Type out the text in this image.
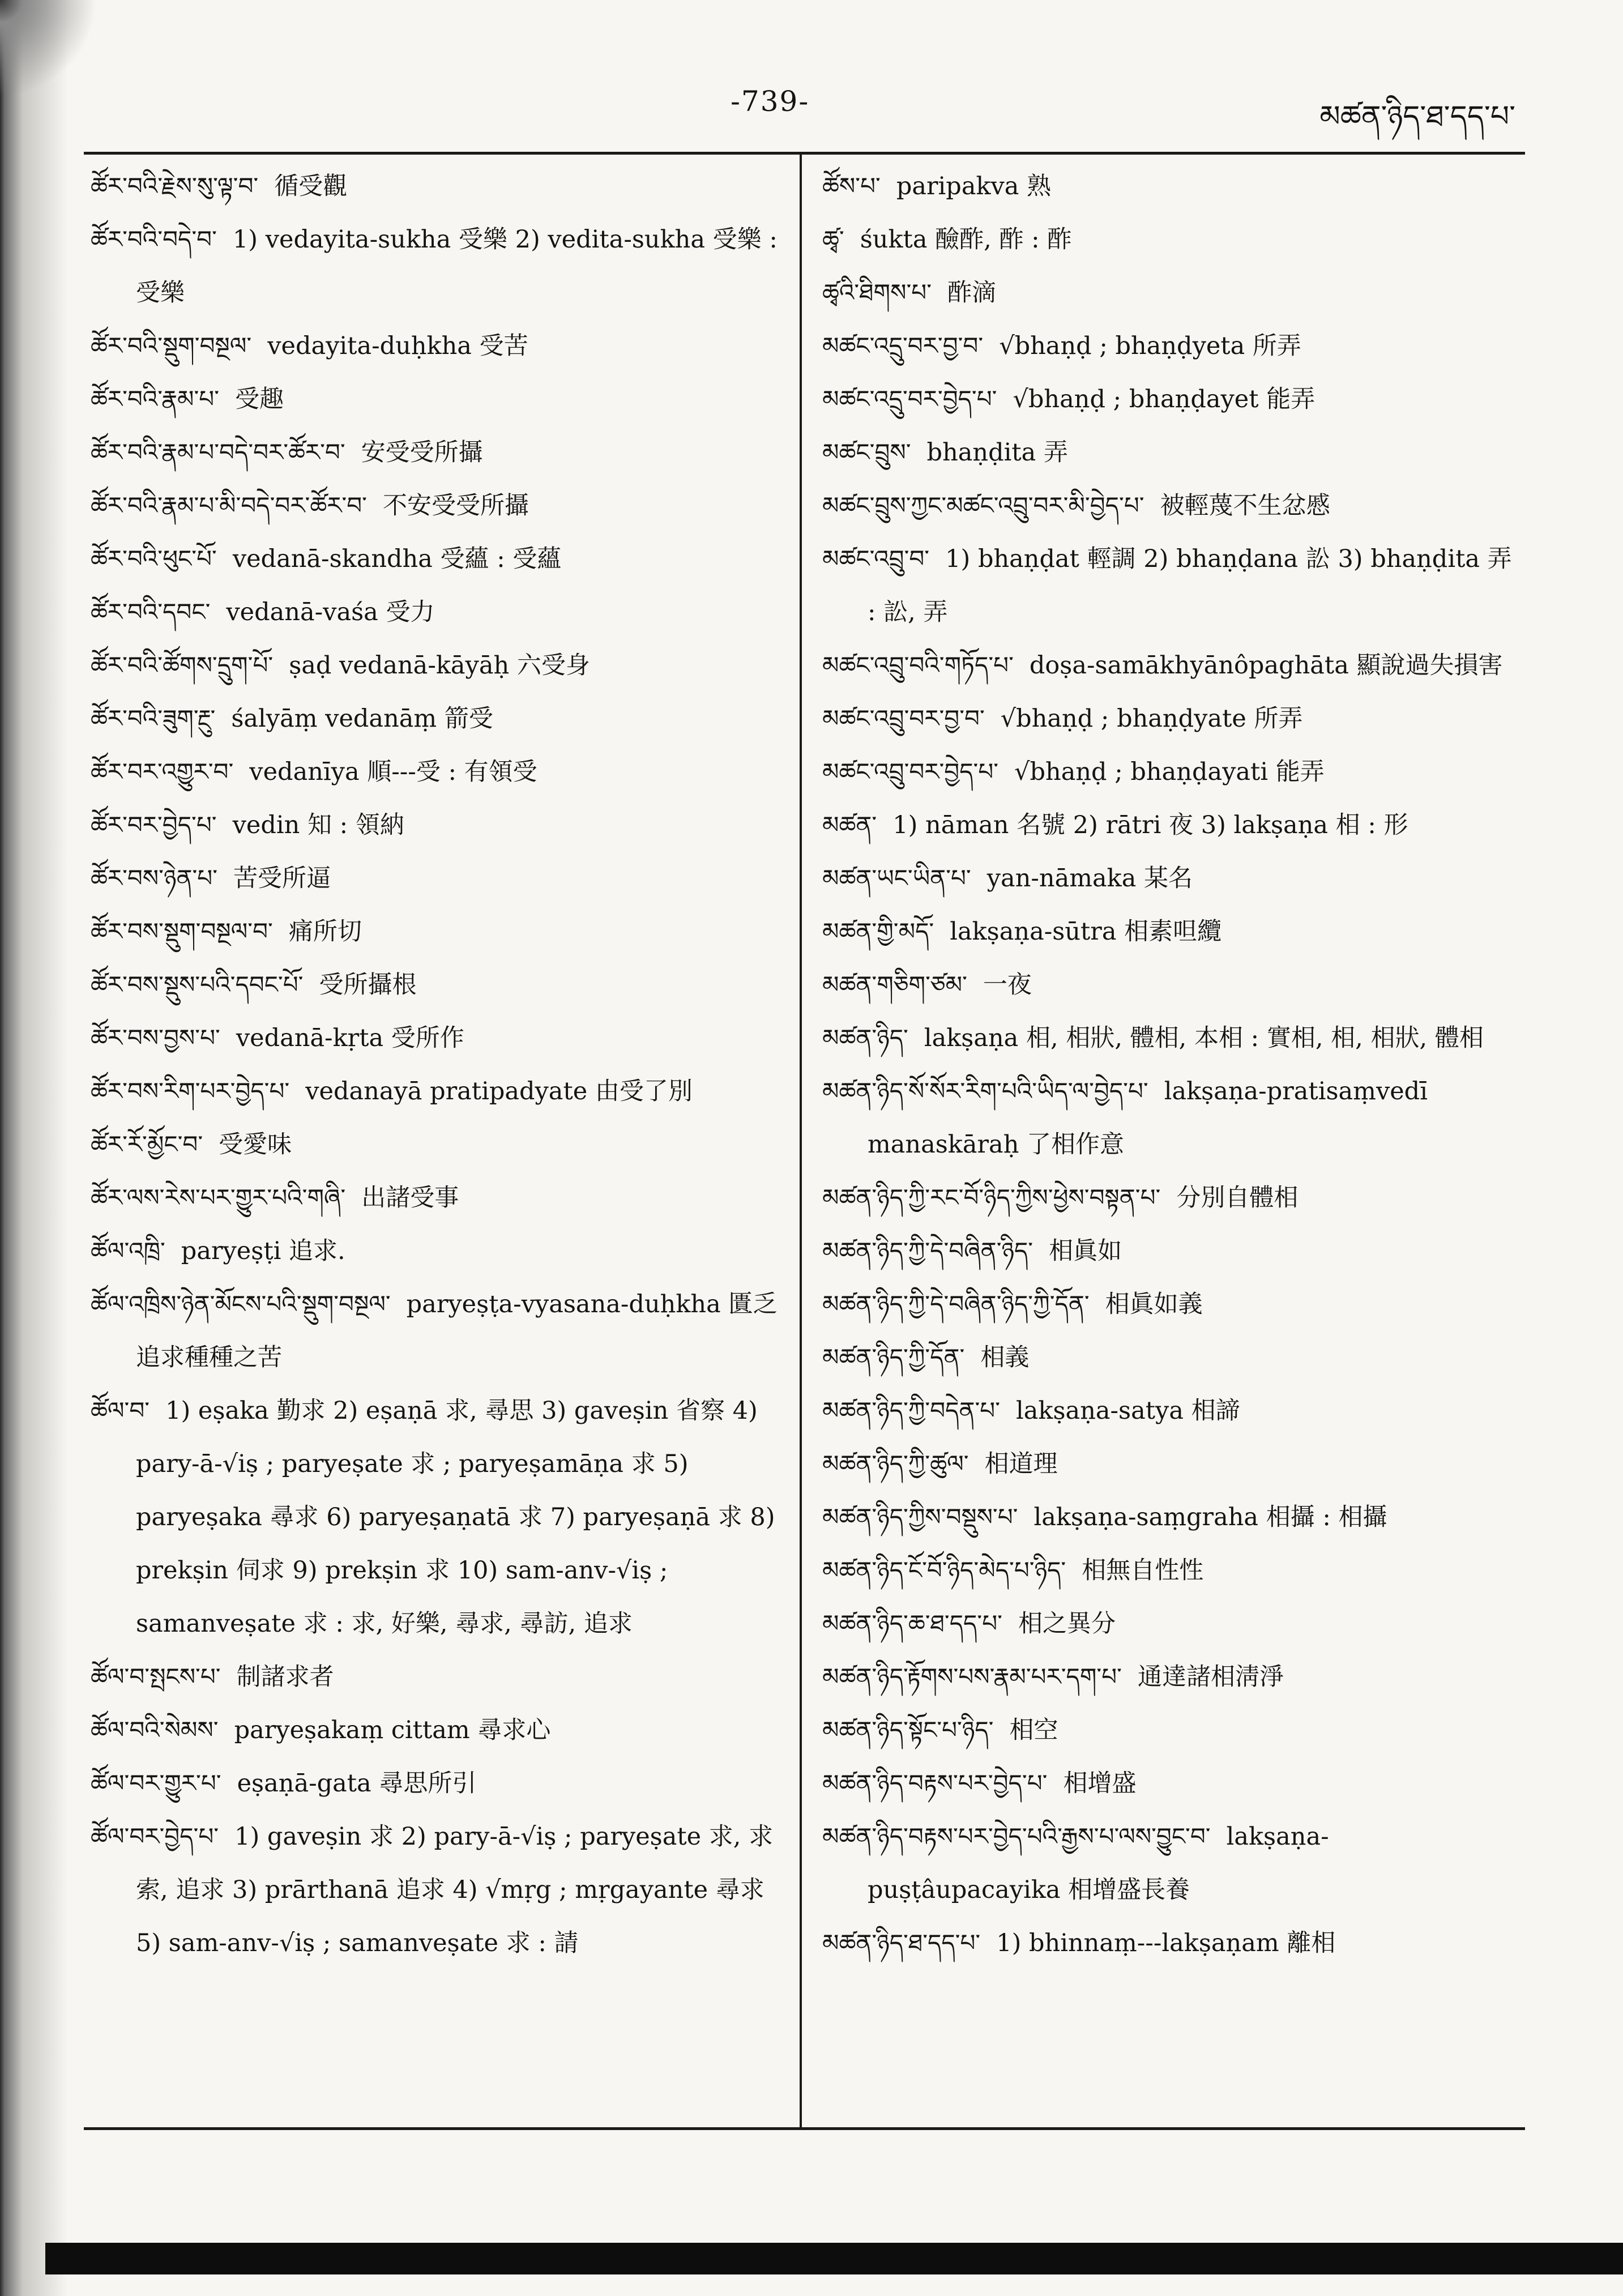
-739-	མཚན་ཉིད་ཐ་དད་པ་
ཚོར་བའི་རྗེས་སུ་ལྟ་བ་ 循受觀
ཚོར་བའི་བདེ་བ་ 1) vedayita-sukha 受樂 2) vedita-sukha 受樂 : 受樂
ཚོར་བའི་སྡུག་བསྔལ་ vedayita-duḥkha 受苦
ཚོར་བའི་རྣམ་པ་ 受趣
ཚོར་བའི་རྣམ་པ་བདེ་བར་ཚོར་བ་ 安受受所攝
ཚོར་བའི་རྣམ་པ་མི་བདེ་བར་ཚོར་བ་ 不安受受所攝
ཚོར་བའི་ཕུང་པོ་ vedanā-skandha 受蘊 : 受蘊
ཚོར་བའི་དབང་ vedanā-vaśa 受力
ཚོར་བའི་ཚོགས་དྲུག་པོ་ ṣaḍ vedanā-kāyāḥ 六受身
ཚོར་བའི་ཟུག་རྔུ་ śalyāṃ vedanāṃ 箭受
ཚོར་བར་འགྱུར་བ་ vedanīya 順---受 : 有領受
ཚོར་བར་བྱེད་པ་ vedin 知 : 領納
ཚོར་བས་ཉེན་པ་ 苦受所逼
ཚོར་བས་སྡུག་བསྔལ་བ་ 痛所切
ཚོར་བས་སྡུས་པའི་དབང་པོ་ 受所攝根
ཚོར་བས་བྱས་པ་ vedanā-kṛta 受所作
ཚོར་བས་རིག་པར་བྱེད་པ་ vedanayā pratipadyate 由受了別
ཚོར་རོ་མྱོང་བ་ 受愛味
ཚོར་ལས་རེས་པར་གྱུར་པའི་གཞི་ 出諸受事
ཚོལ་འཁྲི་ paryeṣṭi 追求.
ཚོལ་འཁྲིས་ཉེན་མོངས་པའི་སྡུག་བསྔལ་ paryeṣṭa-vyasana-duḥkha 匱乏追求種種之苦
ཚོལ་བ་ 1) eṣaka 勤求 2) eṣaṇā 求, 尋思 3) gaveṣin 省察 4) pary-ā-√iṣ ; paryeṣate 求 ; paryeṣamāṇa 求 5) paryeṣaka 尋求 6) paryeṣaṇatā 求 7) paryeṣaṇā 求 8) prekṣin 伺求 9) prekṣin 求 10) sam-anv-√iṣ ; samanveṣate 求 : 求, 好樂, 尋求, 尋訪, 追求
ཚོལ་བ་སྤངས་པ་ 制諸求者
ཚོལ་བའི་སེམས་ paryeṣakaṃ cittam 尋求心
ཚོལ་བར་གྱུར་པ་ eṣaṇā-gata 尋思所引
ཚོལ་བར་བྱེད་པ་ 1) gaveṣin 求 2) pary-ā-√iṣ ; paryeṣate 求, 求索, 追求 3) prārthanā 追求 4) √mṛg ; mṛgayante 尋求 5) sam-anv-√iṣ ; samanveṣate 求 : 請
ཚོས་པ་ paripakva 熟
ཚྭ་ śukta 醶酢, 酢 : 酢
ཚྭའི་ཐིགས་པ་ 酢滴
མཚང་འདྲུ་བར་བྱ་བ་ √bhaṇḍ ; bhaṇḍyeta 所弄
མཚང་འདྲུ་བར་བྱེད་པ་ √bhaṇḍ ; bhaṇḍayet 能弄
མཚང་བྲུས་ bhaṇḍita 弄
མཚང་བྲུས་ཀྱང་མཚང་འབྲུ་བར་མི་བྱེད་པ་ 被輕蔑不生忿慼
མཚང་འབྲུ་བ་ 1) bhaṇḍat 輕調 2) bhaṇḍana 訟 3) bhaṇḍita 弄 : 訟, 弄
མཚང་འབྲུ་བའི་གཏོད་པ་ doṣa-samākhyānôpaghāta 顯說過失損害
མཚང་འབྲུ་བར་བྱ་བ་ √bhaṇḍ ; bhaṇḍyate 所弄
མཚང་འབྲུ་བར་བྱེད་པ་ √bhaṇḍ ; bhaṇḍayati 能弄
མཚན་ 1) nāman 名號 2) rātri 夜 3) lakṣaṇa 相 : 形
མཚན་ཡང་ཡིན་པ་ yan-nāmaka 某名
མཚན་གྱི་མདོ་ lakṣaṇa-sūtra 相素呾纜
མཚན་གཅིག་ཙམ་ 一夜
མཚན་ཉིད་ lakṣaṇa 相, 相狀, 體相, 本相 : 實相, 相, 相狀, 體相
མཚན་ཉིད་སོ་སོར་རིག་པའི་ཡིད་ལ་བྱེད་པ་ lakṣaṇa-pratisaṃvedī manaskāraḥ 了相作意
མཚན་ཉིད་ཀྱི་རང་བོ་ཉིད་ཀྱིས་ཕྱེས་བསྟན་པ་ 分別自體相
མཚན་ཉིད་ཀྱི་དེ་བཞིན་ཉིད་ 相眞如
མཚན་ཉིད་ཀྱི་དེ་བཞིན་ཉིད་ཀྱི་དོན་ 相眞如義
མཚན་ཉིད་ཀྱི་དོན་ 相義
མཚན་ཉིད་ཀྱི་བདེན་པ་ lakṣaṇa-satya 相諦
མཚན་ཉིད་ཀྱི་ཚུལ་ 相道理
མཚན་ཉིད་ཀྱིས་བསྡུས་པ་ lakṣaṇa-saṃgraha 相攝 : 相攝
མཚན་ཉིད་ངོ་བོ་ཉིད་མེད་པ་ཉིད་ 相無自性性
མཚན་ཉིད་ཆ་ཐ་དད་པ་ 相之異分
མཚན་ཉིད་རྟོགས་པས་རྣམ་པར་དག་པ་ 通達諸相淸淨
མཚན་ཉིད་སྟོང་པ་ཉིད་ 相空
མཚན་ཉིད་བརྟས་པར་བྱེད་པ་ 相增盛
མཚན་ཉིད་བརྟས་པར་བྱེད་པའི་རྒྱས་པ་ལས་བྱུང་བ་ lakṣaṇa-puṣṭâupacayika 相增盛長養
མཚན་ཉིད་ཐ་དད་པ་ 1) bhinnaṃ---lakṣaṇam 離相
